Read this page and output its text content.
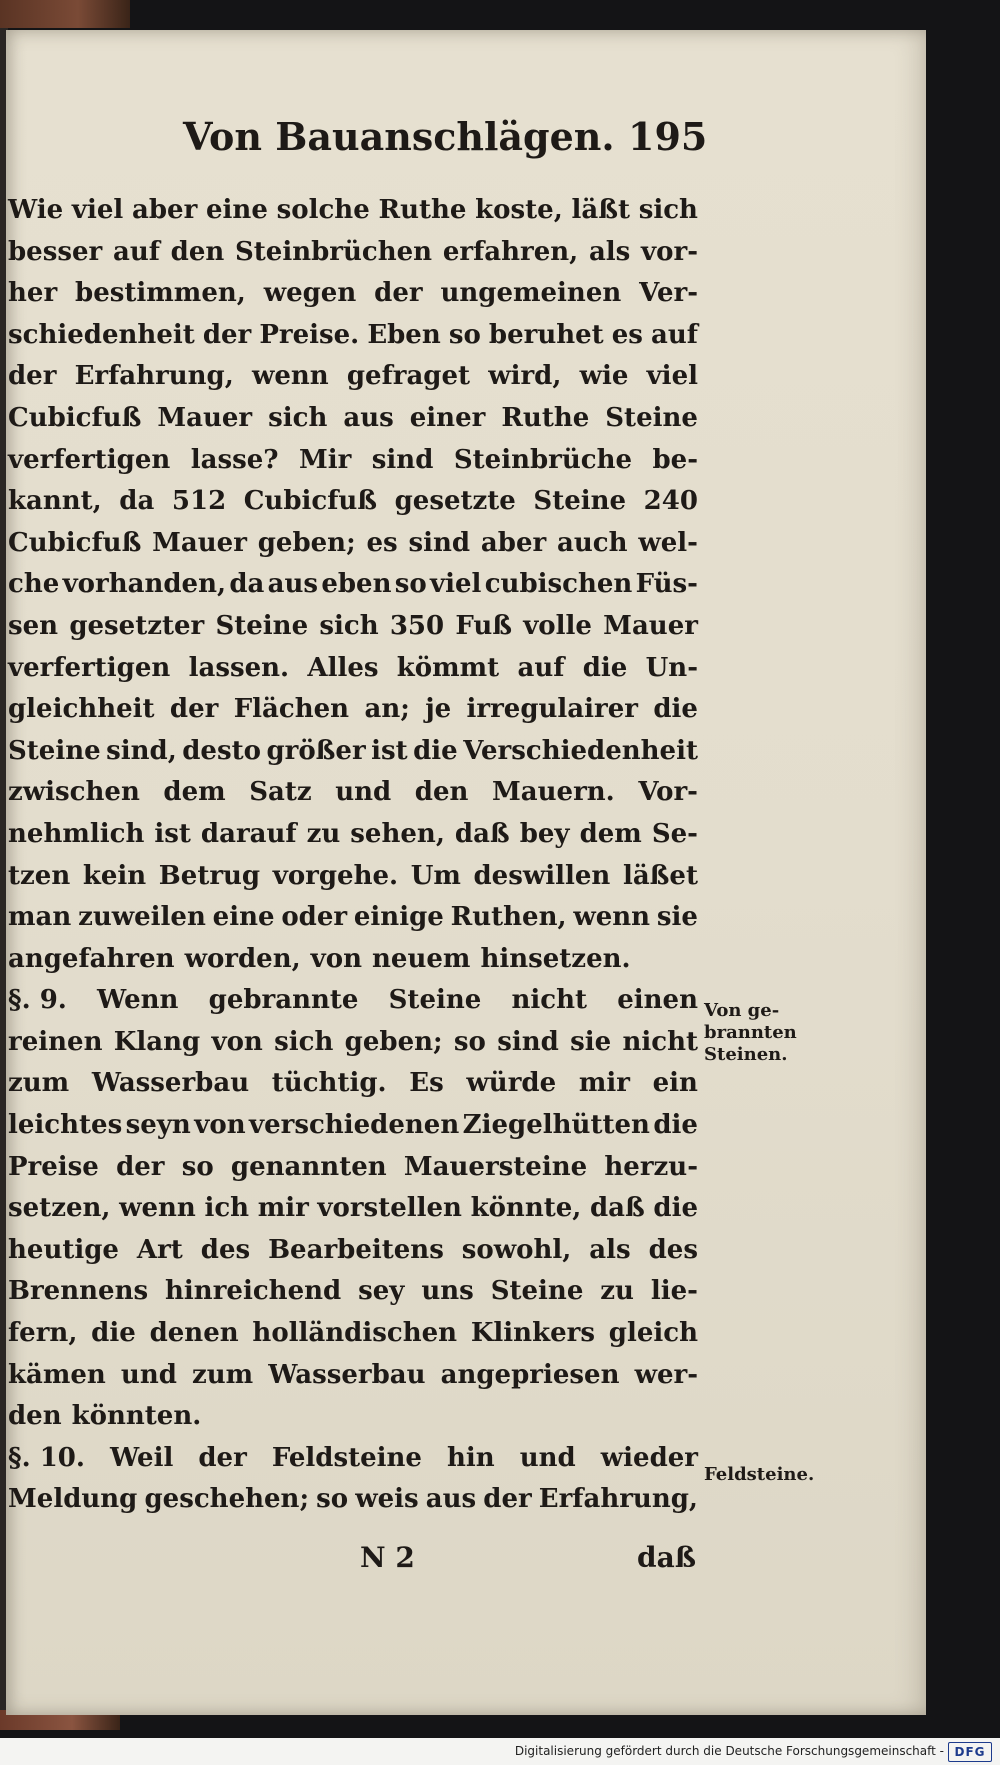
Von Bauanschlägen. 195
Wie viel aber eine solche Ruthe koste, läßt sich
besser auf den Steinbrüchen erfahren, als vor-
her bestimmen, wegen der ungemeinen Ver-
schiedenheit der Preise. Eben so beruhet es auf
der Erfahrung, wenn gefraget wird, wie viel
Cubicfuß Mauer sich aus einer Ruthe Steine
verfertigen lasse? Mir sind Steinbrüche be-
kannt, da 512 Cubicfuß gesetzte Steine 240
Cubicfuß Mauer geben; es sind aber auch wel-
che vorhanden, da aus eben so viel cubischen Füs-
sen gesetzter Steine sich 350 Fuß volle Mauer
verfertigen lassen. Alles kömmt auf die Un-
gleichheit der Flächen an; je irregulairer die
Steine sind, desto größer ist die Verschiedenheit
zwischen dem Satz und den Mauern. Vor-
nehmlich ist darauf zu sehen, daß bey dem Se-
tzen kein Betrug vorgehe. Um deswillen läßet
man zuweilen eine oder einige Ruthen, wenn sie
angefahren worden, von neuem hinsetzen.
§. 9. Wenn gebrannte Steine nicht einen
reinen Klang von sich geben; so sind sie nicht
zum Wasserbau tüchtig. Es würde mir ein
leichtes seyn von verschiedenen Ziegelhütten die
Preise der so genannten Mauersteine herzu-
setzen, wenn ich mir vorstellen könnte, daß die
heutige Art des Bearbeitens sowohl, als des
Brennens hinreichend sey uns Steine zu lie-
fern, die denen holländischen Klinkers gleich
kämen und zum Wasserbau angepriesen wer-
den könnten.
§. 10. Weil der Feldsteine hin und wieder
Meldung geschehen; so weis aus der Erfahrung,
Von ge-
brannten
Steinen.
Feldsteine.
N 2	daß
Digitalisierung gefördert durch die Deutsche Forschungsgemeinschaft - DFG
